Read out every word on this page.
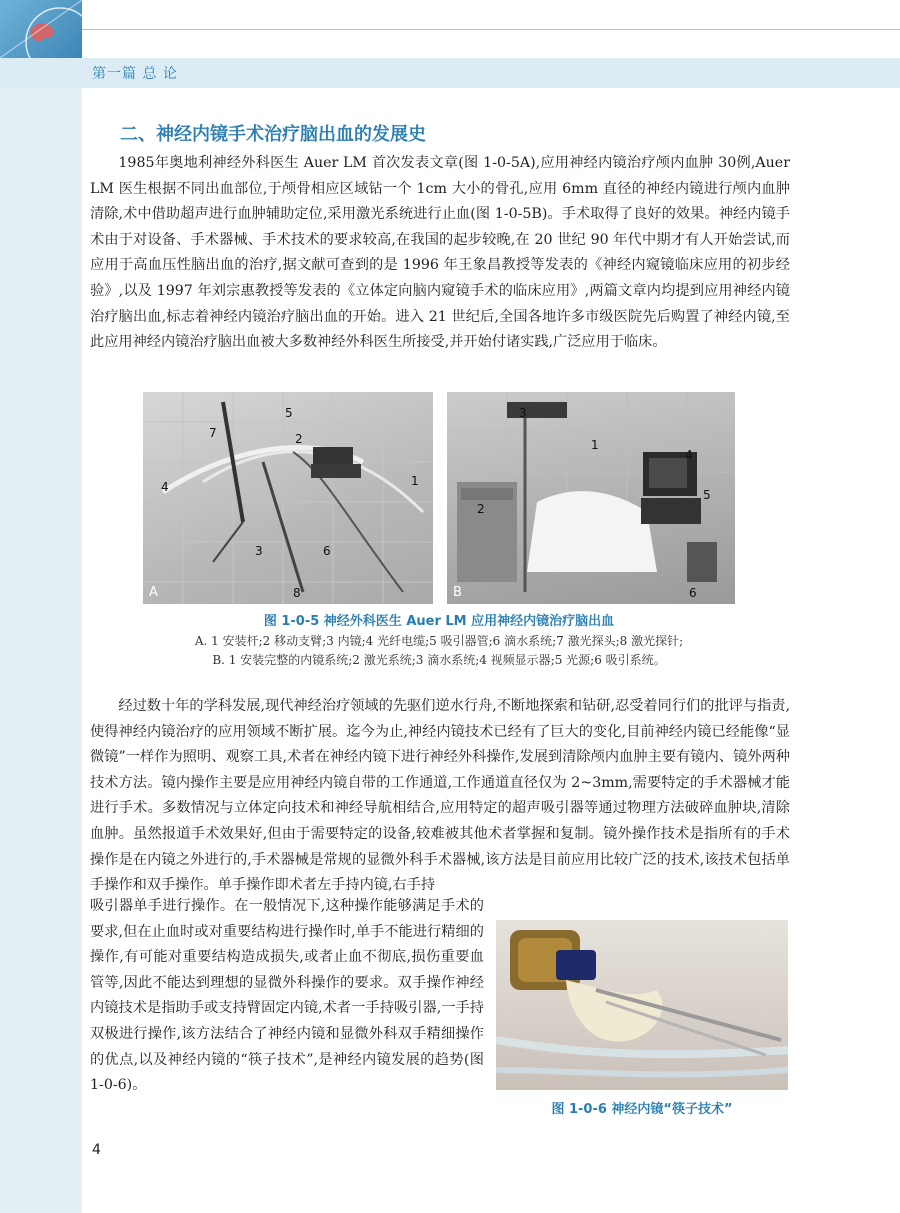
第一篇 总 论
二、神经内镜手术治疗脑出血的发展史

1985年奥地利神经外科医生 Auer LM 首次发表文章(图 1-0-5A),应用神经内镜治疗颅内血肿 30例,Auer LM 医生根据不同出血部位,于颅骨相应区域钻一个 1cm 大小的骨孔,应用 6mm 直径的神经内镜进行颅内血肿清除,术中借助超声进行血肿辅助定位,采用激光系统进行止血(图 1-0-5B)。手术取得了良好的效果。神经内镜手术由于对设备、手术器械、手术技术的要求较高,在我国的起步较晚,在 20 世纪 90 年代中期才有人开始尝试,而应用于高血压性脑出血的治疗,据文献可查到的是 1996 年王象昌教授等发表的《神经内窥镜临床应用的初步经验》,以及 1997 年刘宗惠教授等发表的《立体定向脑内窥镜手术的临床应用》,两篇文章内均提到应用神经内镜治疗脑出血,标志着神经内镜治疗脑出血的开始。进入 21 世纪后,全国各地许多市级医院先后购置了神经内镜,至此应用神经内镜治疗脑出血被大多数神经外科医生所接受,并开始付诸实践,广泛应用于临床。

A
5
7	2
4	1
3	6
8	B
3
1
4
2
5
6
图 1-0-5 神经外科医生 Auer LM 应用神经内镜治疗脑出血
A. 1 安装杆;2 移动支臂;3 内镜;4 光纤电缆;5 吸引器管;6 滴水系统;7 激光探头;8 激光探针;
B. 1 安装完整的内镜系统;2 激光系统;3 滴水系统;4 视频显示器;5 光源;6 吸引系统。

经过数十年的学科发展,现代神经治疗领域的先驱们逆水行舟,不断地探索和钻研,忍受着同行们的批评与指责,使得神经内镜治疗的应用领域不断扩展。迄今为止,神经内镜技术已经有了巨大的变化,目前神经内镜已经能像“显微镜”一样作为照明、观察工具,术者在神经内镜下进行神经外科操作,发展到清除颅内血肿主要有镜内、镜外两种技术方法。镜内操作主要是应用神经内镜自带的工作通道,工作通道直径仅为 2~3mm,需要特定的手术器械才能进行手术。多数情况与立体定向技术和神经导航相结合,应用特定的超声吸引器等通过物理方法破碎血肿块,清除血肿。虽然报道手术效果好,但由于需要特定的设备,较难被其他术者掌握和复制。镜外操作技术是指所有的手术操作是在内镜之外进行的,手术器械是常规的显微外科手术器械,该方法是目前应用比较广泛的技术,该技术包括单手操作和双手操作。单手操作即术者左手持内镜,右手持

吸引器单手进行操作。在一般情况下,这种操作能够满足手术的要求,但在止血时或对重要结构进行操作时,单手不能进行精细的操作,有可能对重要结构造成损失,或者止血不彻底,损伤重要血管等,因此不能达到理想的显微外科操作的要求。双手操作神经内镜技术是指助手或支持臂固定内镜,术者一手持吸引器,一手持双极进行操作,该方法结合了神经内镜和显微外科双手精细操作的优点,以及神经内镜的“筷子技术”,是神经内镜发展的趋势(图 1-0-6)。

图 1-0-6 神经内镜“筷子技术”
4
